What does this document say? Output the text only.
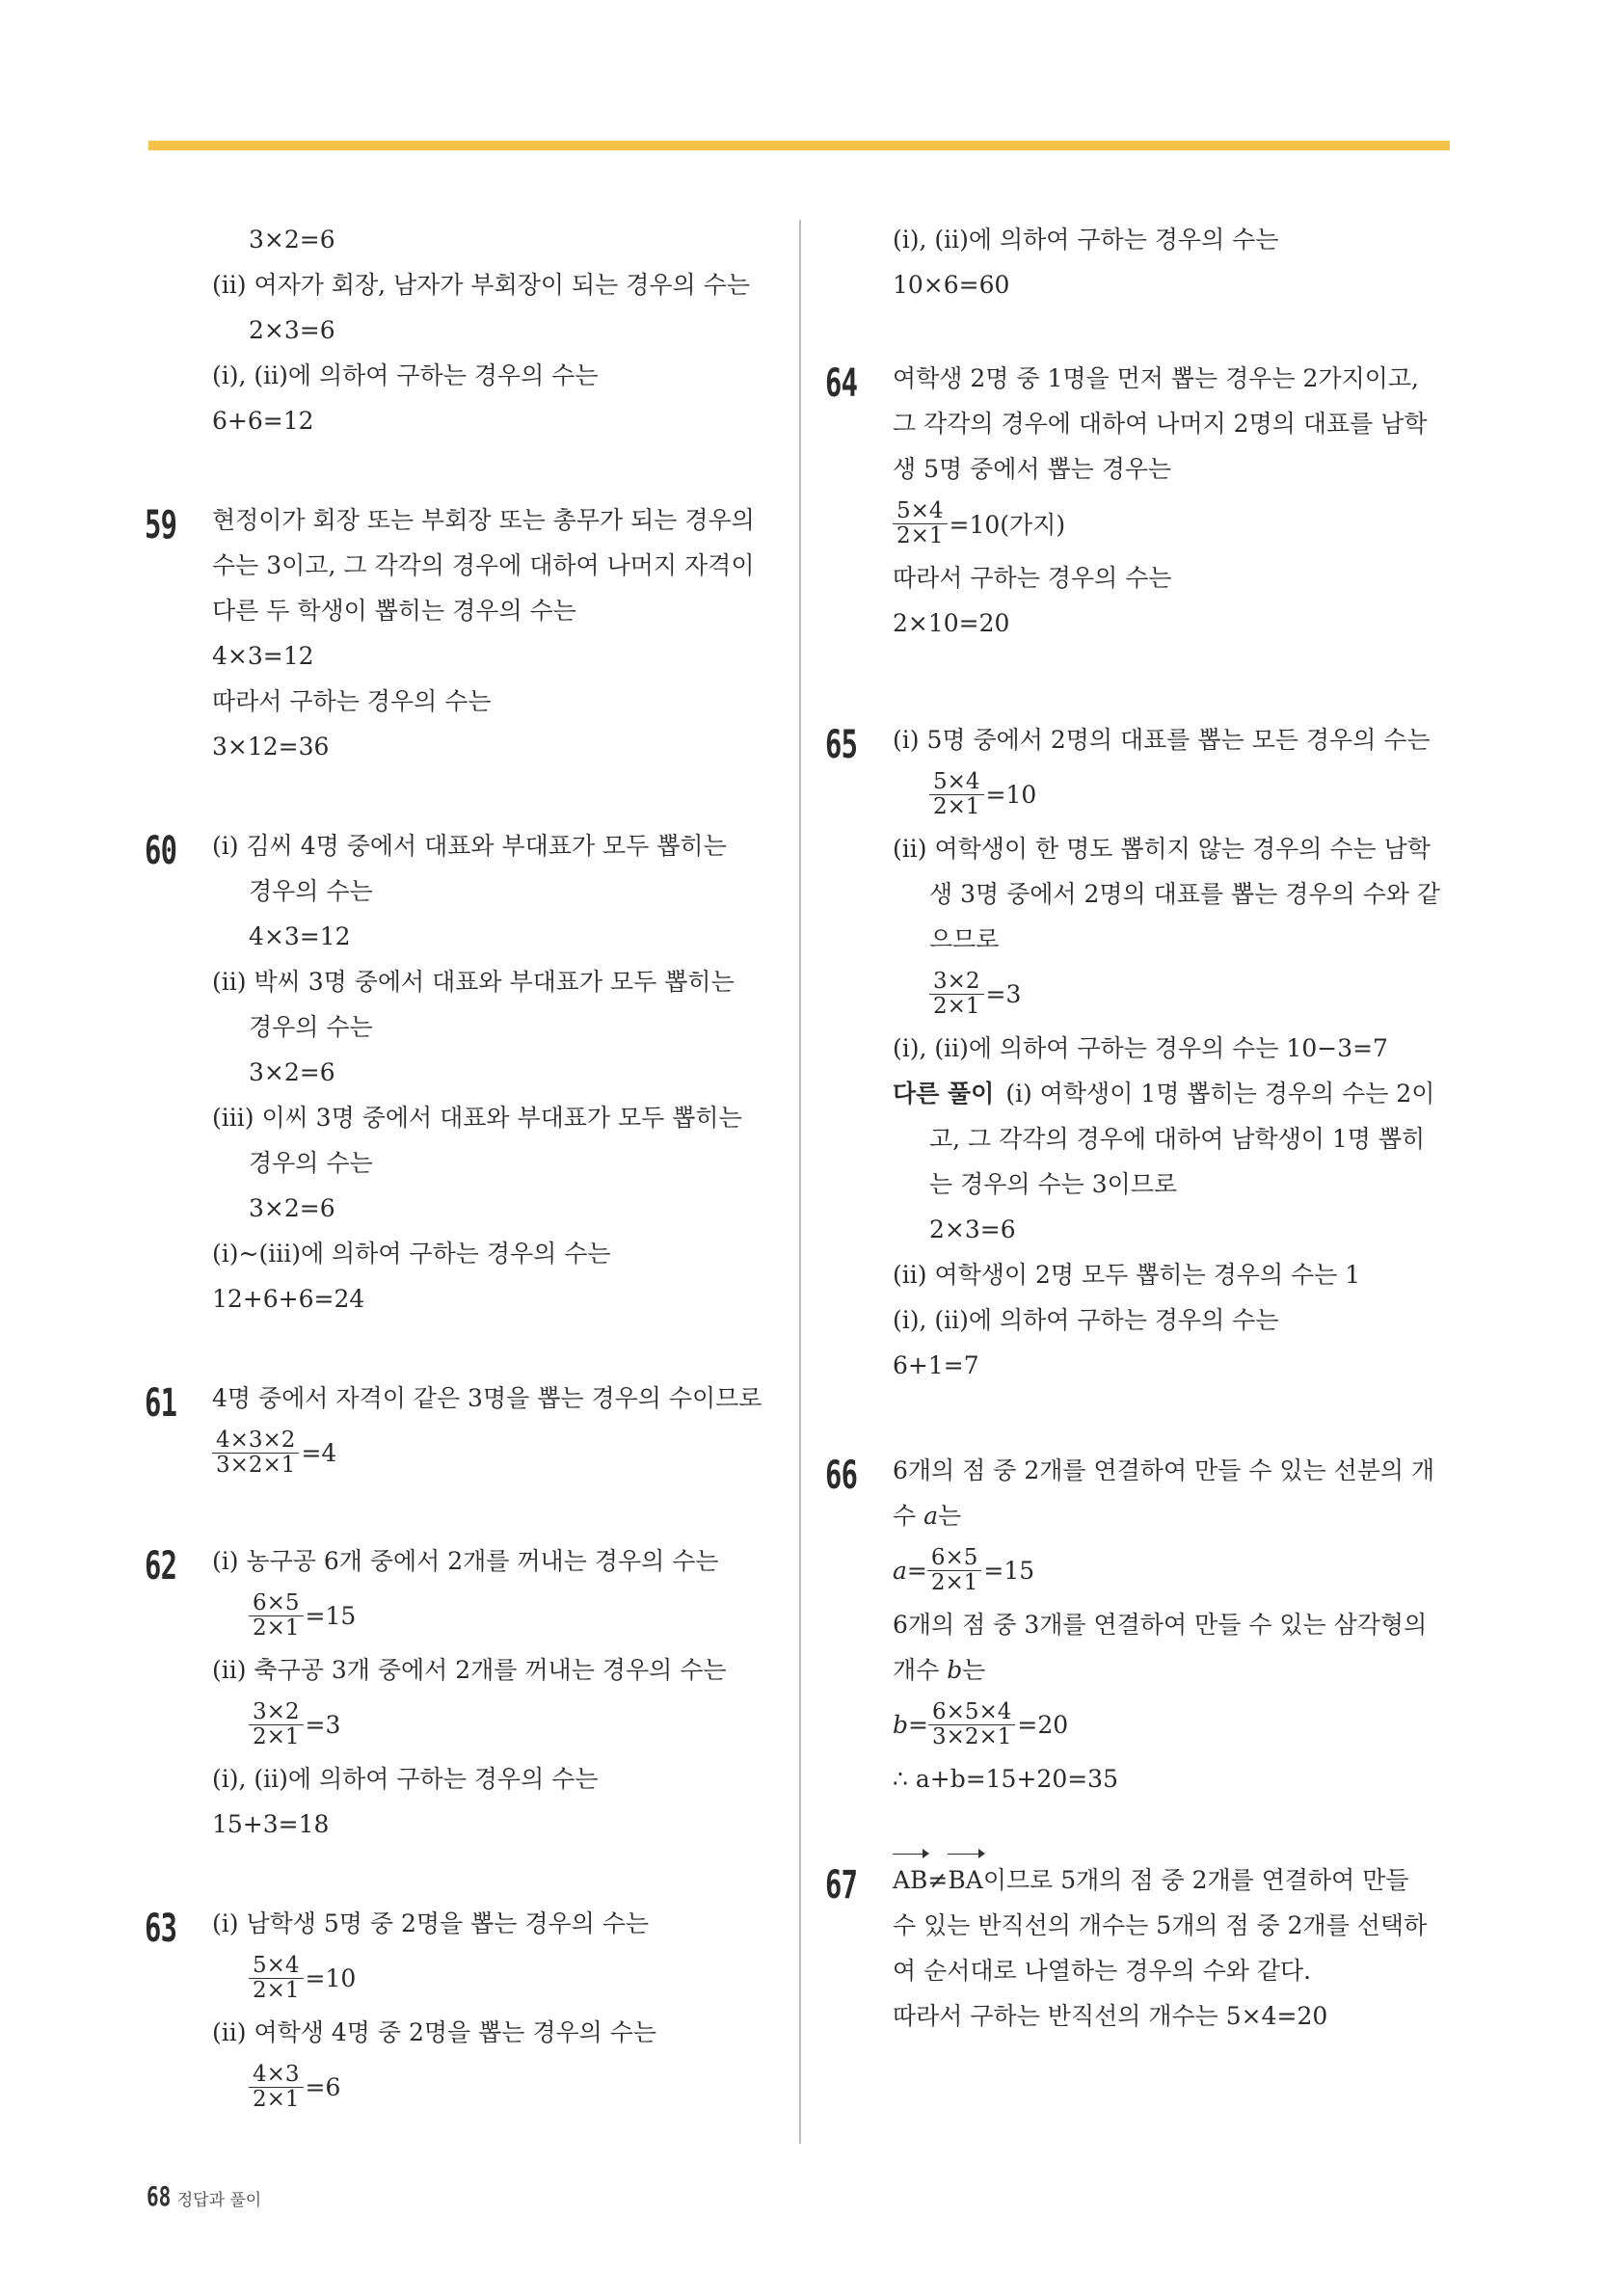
3×2=6
(ⅱ) 여자가 회장, 남자가 부회장이 되는 경우의 수는
2×3=6
(ⅰ), (ⅱ)에 의하여 구하는 경우의 수는
6+6=12
59 현정이가 회장 또는 부회장 또는 총무가 되는 경우의
수는 3이고, 그 각각의 경우에 대하여 나머지 자격이
다른 두 학생이 뽑히는 경우의 수는
4×3=12
따라서 구하는 경우의 수는
3×12=36
60 (ⅰ) 김씨 4명 중에서 대표와 부대표가 모두 뽑히는
경우의 수는
4×3=12
(ⅱ) 박씨 3명 중에서 대표와 부대표가 모두 뽑히는
경우의 수는
3×2=6
(ⅲ) 이씨 3명 중에서 대표와 부대표가 모두 뽑히는
경우의 수는
3×2=6
(ⅰ)~(ⅲ)에 의하여 구하는 경우의 수는
12+6+6=24
61 4명 중에서 자격이 같은 3명을 뽑는 경우의 수이므로
$\frac{4\times 3\times 2}{3\times 2\times 1} =4$
62 (ⅰ) 농구공 6개 중에서 2개를 꺼내는 경우의 수는
$\frac{6\times 5}{2\times 1} =15$
(ⅱ) 축구공 3개 중에서 2개를 꺼내는 경우의 수는
$\frac{3\times 2}{2\times 1} =3$
(ⅰ), (ⅱ)에 의하여 구하는 경우의 수는
15+3=18
63 (ⅰ) 남학생 5명 중 2명을 뽑는 경우의 수는
$\frac{5\times 4}{2\times 1} =10$
(ⅱ) 여학생 4명 중 2명을 뽑는 경우의 수는
$\frac{4\times 3}{2\times 1} =6$
(ⅰ), (ⅱ)에 의하여 구하는 경우의 수는
10×6=60
64 여학생 2명 중 1명을 먼저 뽑는 경우는 2가지이고,
그 각각의 경우에 대하여 나머지 2명의 대표를 남학
생 5명 중에서 뽑는 경우는
$\frac{5\times 4}{2\times 1} =10$(가지)
따라서 구하는 경우의 수는
2×10=20
65 (ⅰ) 5명 중에서 2명의 대표를 뽑는 모든 경우의 수는
$\frac{5\times 4}{2\times 1} =10$
(ⅱ) 여학생이 한 명도 뽑히지 않는 경우의 수는 남학
생 3명 중에서 2명의 대표를 뽑는 경우의 수와 같
으므로
$\frac{3\times 2}{2\times 1} =3$
(ⅰ), (ⅱ)에 의하여 구하는 경우의 수는 10−3=7
다른 풀이 (ⅰ) 여학생이 1명 뽑히는 경우의 수는 2이
고, 그 각각의 경우에 대하여 남학생이 1명 뽑히
는 경우의 수는 3이므로
2×3=6
(ⅱ) 여학생이 2명 모두 뽑히는 경우의 수는 1
(ⅰ), (ⅱ)에 의하여 구하는 경우의 수는
6+1=7
66 6개의 점 중 2개를 연결하여 만들 수 있는 선분의 개
수 a는
$a= \frac{6\times 5}{2\times 1} =15$
6개의 점 중 3개를 연결하여 만들 수 있는 삼각형의
개수 b는
$b= \frac{6\times 5\times 4}{3\times 2\times 1} =20$
∴ a+b=15+20=35
67 AB≠BA이므로 5개의 점 중 2개를 연결하여 만들
수 있는 반직선의 개수는 5개의 점 중 2개를 선택하
여 순서대로 나열하는 경우의 수와 같다.
따라서 구하는 반직선의 개수는 5×4=20
68 정답과 풀이
